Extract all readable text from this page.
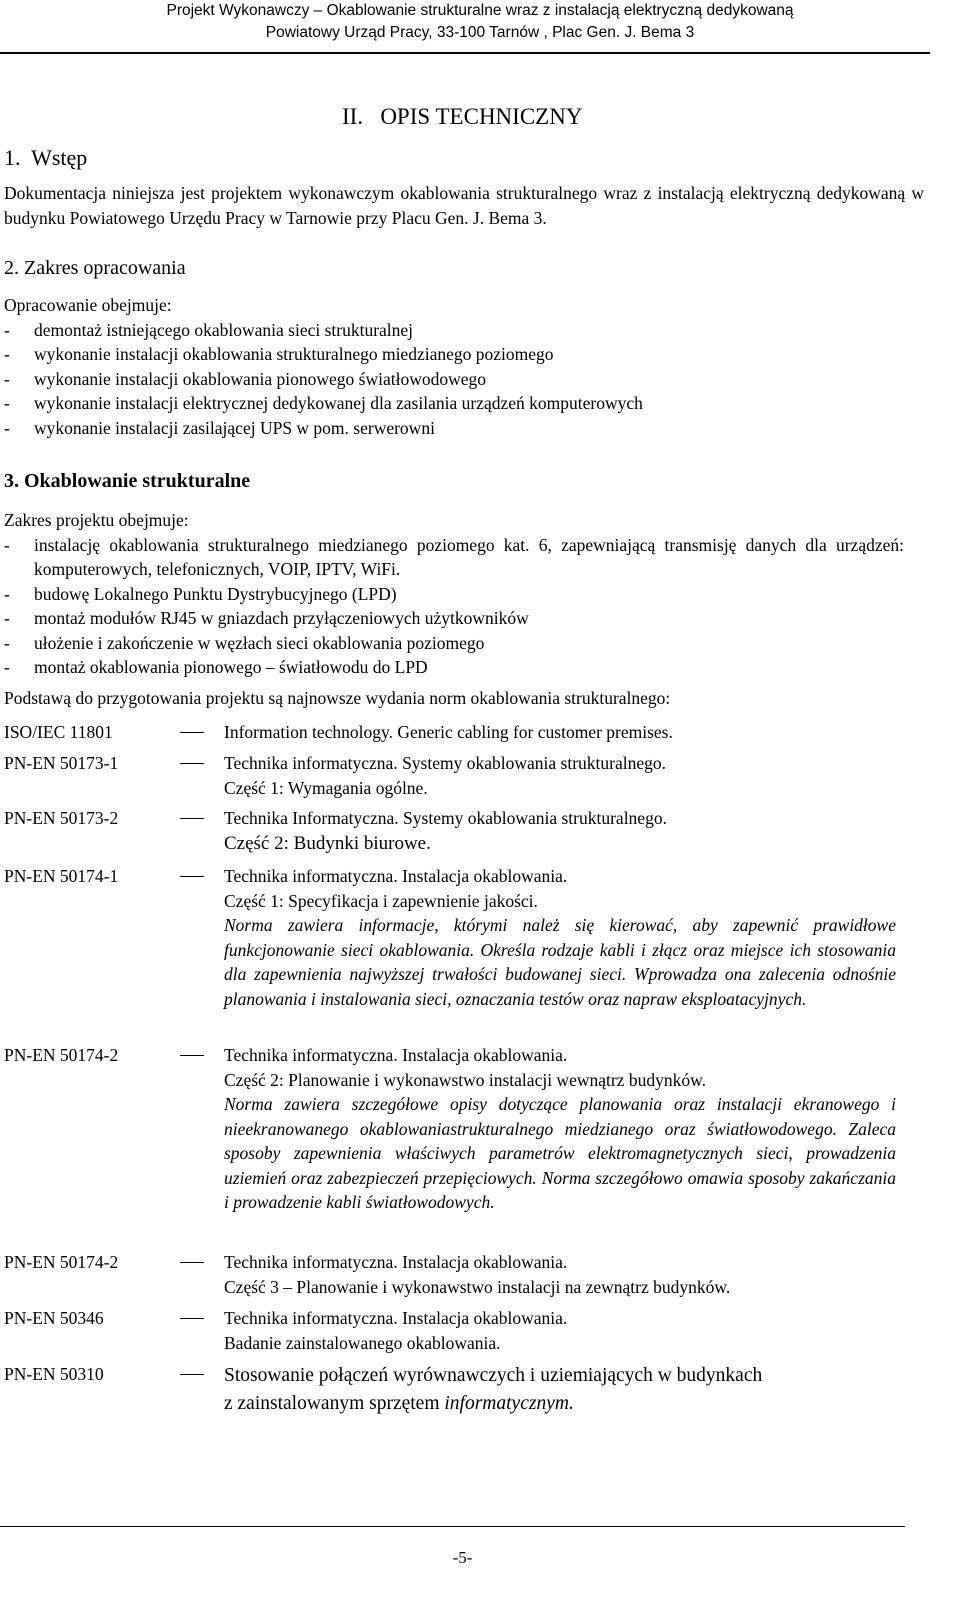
Projekt Wykonawczy – Okablowanie strukturalne wraz z instalacją elektryczną dedykowaną
Powiatowy Urząd Pracy, 33-100 Tarnów , Plac Gen. J. Bema 3
II.   OPIS TECHNICZNY
1.  Wstęp
Dokumentacja niniejsza jest projektem wykonawczym okablowania strukturalnego wraz z instalacją elektryczną dedykowaną w budynku Powiatowego Urzędu Pracy w Tarnowie przy Placu Gen. J. Bema 3.
2. Zakres opracowania
Opracowanie obejmuje:
- demontaż istniejącego okablowania sieci strukturalnej
- wykonanie instalacji okablowania strukturalnego miedzianego poziomego
- wykonanie instalacji okablowania pionowego światłowodowego
- wykonanie instalacji elektrycznej dedykowanej dla zasilania urządzeń komputerowych
- wykonanie instalacji zasilającej UPS w pom. serwerowni
3. Okablowanie strukturalne
Zakres projektu obejmuje:
- instalację okablowania strukturalnego miedzianego poziomego kat. 6, zapewniającą transmisję danych dla urządzeń: komputerowych, telefonicznych, VOIP, IPTV, WiFi.
- budowę Lokalnego Punktu Dystrybucyjnego (LPD)
- montaż modułów RJ45 w gniazdach przyłączeniowych użytkowników
- ułożenie i zakończenie w węzłach sieci okablowania poziomego
- montaż okablowania pionowego – światłowodu do LPD
Podstawą do przygotowania projektu są najnowsze wydania norm okablowania strukturalnego:
ISO/IEC 11801	Information technology. Generic cabling for customer premises.
PN-EN 50173-1	Technika informatyczna. Systemy okablowania strukturalnego.
Część 1: Wymagania ogólne.
PN-EN 50173-2	Technika Informatyczna. Systemy okablowania strukturalnego.
Część 2: Budynki biurowe.
PN-EN 50174-1	Technika informatyczna. Instalacja okablowania.
Część 1: Specyfikacja i zapewnienie jakości.
Norma zawiera informacje, którymi należ się kierować, aby zapewnić prawidłowe funkcjonowanie sieci okablowania. Określa rodzaje kabli i złącz oraz miejsce ich stosowania dla zapewnienia najwyższej trwałości budowanej sieci. Wprowadza ona zalecenia odnośnie planowania i instalowania sieci, oznaczania testów oraz napraw eksploatacyjnych.
PN-EN 50174-2	Technika informatyczna. Instalacja okablowania.
Część 2: Planowanie i wykonawstwo instalacji wewnątrz budynków.
Norma zawiera szczegółowe opisy dotyczące planowania oraz instalacji ekranowego i nieekranowanego okablowaniastrukturalnego miedzianego oraz światłowodowego. Zaleca sposoby zapewnienia właściwych parametrów elektromagnetycznych sieci, prowadzenia uziemień oraz zabezpieczeń przepięciowych. Norma szczegółowo omawia sposoby zakańczania i prowadzenie kabli światłowodowych.
PN-EN 50174-2	Technika informatyczna. Instalacja okablowania.
Część 3 – Planowanie i wykonawstwo instalacji na zewnątrz budynków.
PN-EN 50346	Technika informatyczna. Instalacja okablowania.
Badanie zainstalowanego okablowania.
PN-EN 50310	Stosowanie połączeń wyrównawczych i uziemiających w budynkach
z zainstalowanym sprzętem informatycznym.
-5-
